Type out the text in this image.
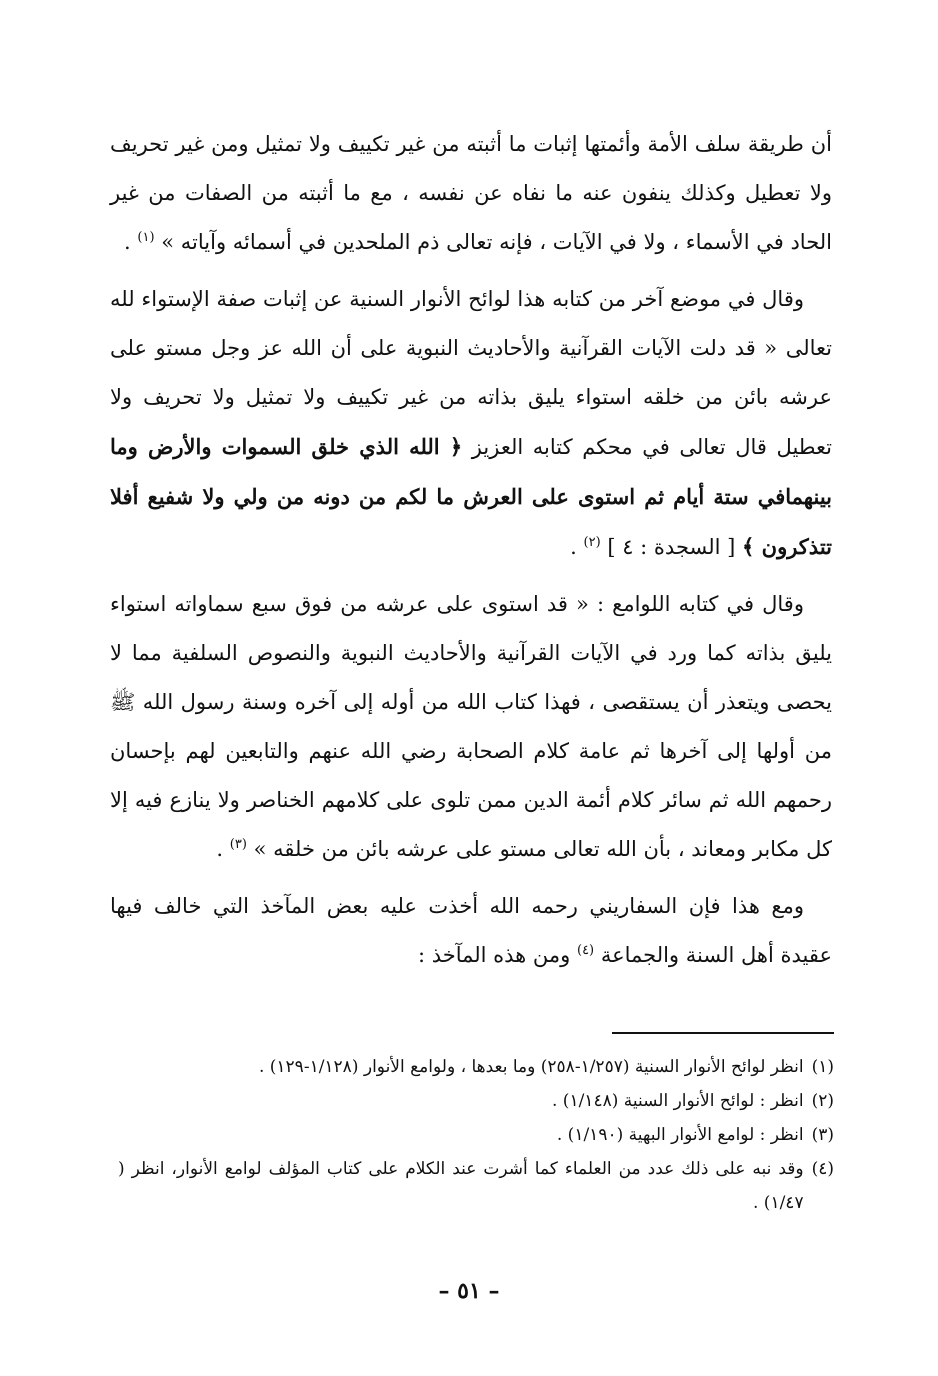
أن طريقة سلف الأمة وأئمتها إثبات ما أثبته من غير تكييف ولا تمثيل ومن غير تحريف ولا تعطيل وكذلك ينفون عنه ما نفاه عن نفسه ، مع ما أثبته من الصفات من غير الحاد في الأسماء ، ولا في الآيات ، فإنه تعالى ذم الملحدين في أسمائه وآياته » $^{(١)}$ .

وقال في موضع آخر من كتابه هذا لوائح الأنوار السنية عن إثبات صفة الإستواء لله تعالى « قد دلت الآيات القرآنية والأحاديث النبوية على أن الله عز وجل مستو على عرشه بائن من خلقه استواء يليق بذاته من غير تكييف ولا تمثيل ولا تحريف ولا تعطيل قال تعالى في محكم كتابه العزيز ﴿ الله الذي خلق السموات والأرض وما بينهمافي ستة أيام ثم استوى على العرش ما لكم من دونه من ولي ولا شفيع أفلا تتذكرون ﴾ [ السجدة : ٤ ] $^{(٢)}$ .

وقال في كتابه اللوامع : « قد استوى على عرشه من فوق سبع سماواته استواء يليق بذاته كما ورد في الآيات القرآنية والأحاديث النبوية والنصوص السلفية مما لا يحصى ويتعذر أن يستقصى ، فهذا كتاب الله من أوله إلى آخره وسنة رسول الله ﷺ من أولها إلى آخرها ثم عامة كلام الصحابة رضي الله عنهم والتابعين لهم بإحسان رحمهم الله ثم سائر كلام أئمة الدين ممن تلوى على كلامهم الخناصر ولا ينازع فيه إلا كل مكابر ومعاند ، بأن الله تعالى مستو على عرشه بائن من خلقه » $^{(٣)}$ .

ومع هذا فإن السفاريني رحمه الله أخذت عليه بعض المآخذ التي خالف فيها عقيدة أهل السنة والجماعة $^{(٤)}$ ومن هذه المآخذ :

(١)
انظر لوائح الأنوار السنية (١/٢٥٧-٢٥٨) وما بعدها ، ولوامع الأنوار (١/١٢٨-١٢٩) .
(٢)
انظر : لوائح الأنوار السنية (١/١٤٨) .
(٣)
انظر : لوامع الأنوار البهية (١/١٩٠) .
(٤)
وقد نبه على ذلك عدد من العلماء كما أشرت عند الكلام على كتاب المؤلف لوامع الأنوار، انظر ( ١/٤٧) .
– ٥١ –
